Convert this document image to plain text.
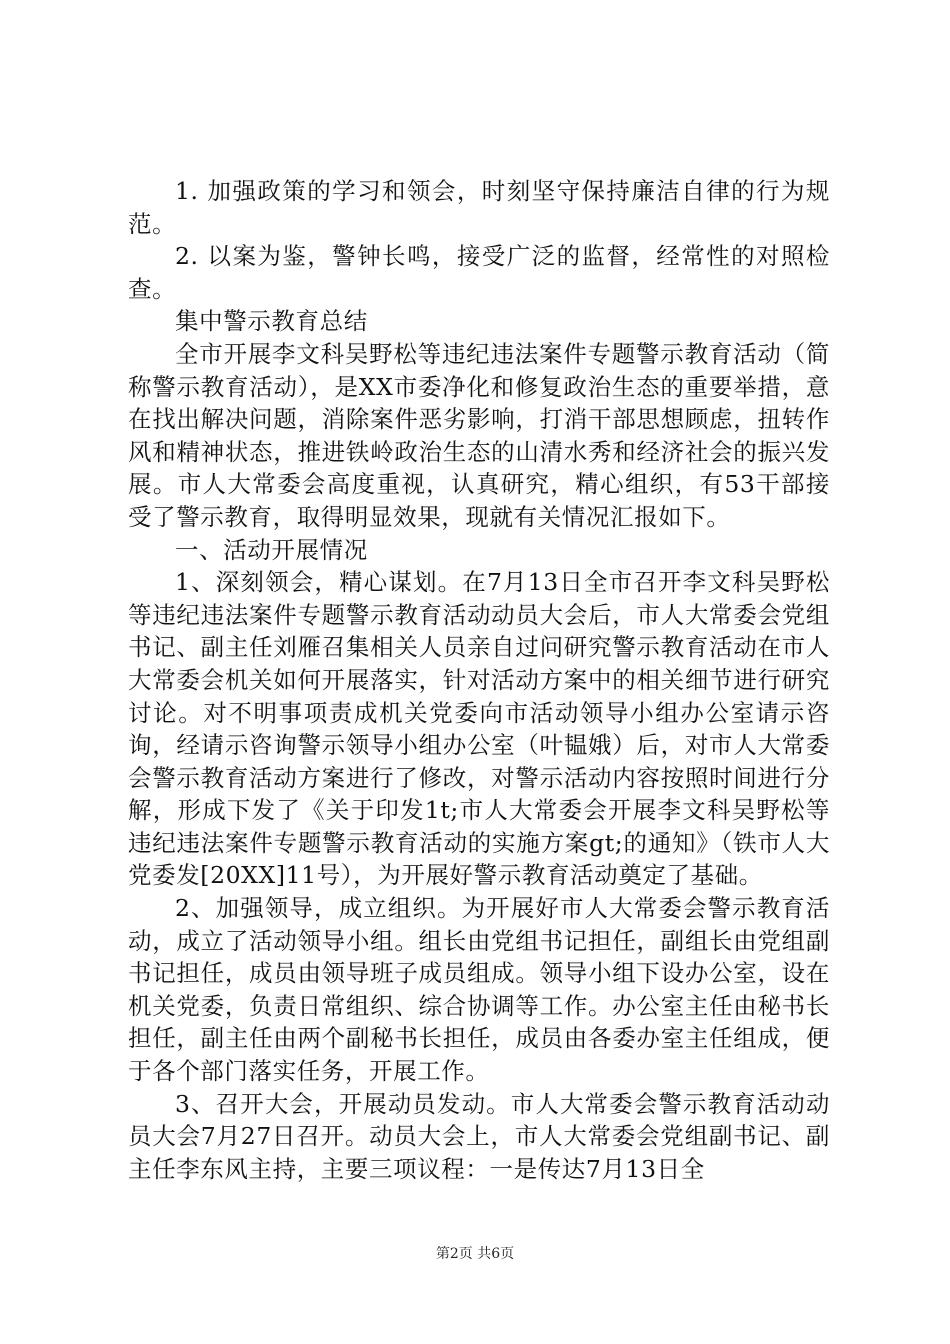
1. 加强政策的学习和领会，时刻坚守保持廉洁自律的行为规范。

2. 以案为鉴，警钟长鸣，接受广泛的监督，经常性的对照检查。

集中警示教育总结

全市开展李文科吴野松等违纪违法案件专题警示教育活动（简称警示教育活动），是XX市委净化和修复政治生态的重要举措，意在找出解决问题，消除案件恶劣影响，打消干部思想顾虑，扭转作风和精神状态，推进铁岭政治生态的山清水秀和经济社会的振兴发展。市人大常委会高度重视，认真研究，精心组织，有53干部接受了警示教育，取得明显效果，现就有关情况汇报如下。

一、活动开展情况

1、深刻领会，精心谋划。在7月13日全市召开李文科吴野松等违纪违法案件专题警示教育活动动员大会后，市人大常委会党组书记、副主任刘雁召集相关人员亲自过问研究警示教育活动在市人大常委会机关如何开展落实，针对活动方案中的相关细节进行研究讨论。对不明事项责成机关党委向市活动领导小组办公室请示咨询，经请示咨询警示领导小组办公室（叶韫娥）后，对市人大常委会警示教育活动方案进行了修改，对警示活动内容按照时间进行分解，形成下发了《关于印发1t;市人大常委会开展李文科吴野松等违纪违法案件专题警示教育活动的实施方案gt;的通知》（铁市人大党委发[20XX]11号），为开展好警示教育活动奠定了基础。

2、加强领导，成立组织。为开展好市人大常委会警示教育活动，成立了活动领导小组。组长由党组书记担任，副组长由党组副书记担任，成员由领导班子成员组成。领导小组下设办公室，设在机关党委，负责日常组织、综合协调等工作。办公室主任由秘书长担任，副主任由两个副秘书长担任，成员由各委办室主任组成，便于各个部门落实任务，开展工作。

3、召开大会，开展动员发动。市人大常委会警示教育活动动员大会7月27日召开。动员大会上，市人大常委会党组副书记、副主任李东风主持，主要三项议程：一是传达7月13日全

第2页 共6页
